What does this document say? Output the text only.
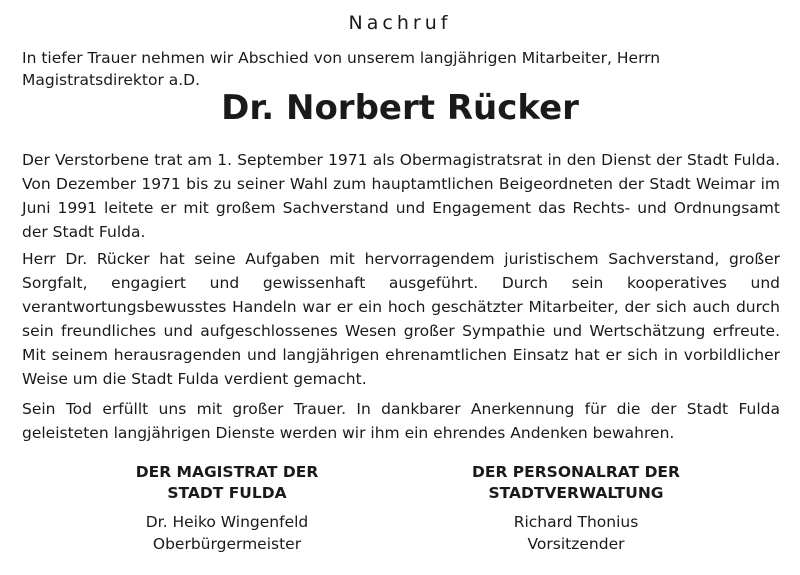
Nachruf
In tiefer Trauer nehmen wir Abschied von unserem langjährigen Mitarbeiter, Herrn
Magistratsdirektor a.D.
Dr. Norbert Rücker

Der Verstorbene trat am 1. September 1971 als Obermagistratsrat in den Dienst der Stadt Fulda. Von Dezember 1971 bis zu seiner Wahl zum hauptamtlichen Beigeordneten der Stadt Weimar im Juni 1991 leitete er mit großem Sachverstand und Engagement das Rechts- und Ordnungsamt der Stadt Fulda.

Herr Dr. Rücker hat seine Aufgaben mit hervorragendem juristischem Sachverstand, großer Sorgfalt, engagiert und gewissenhaft ausgeführt. Durch sein kooperatives und verantwortungsbewusstes Handeln war er ein hoch geschätzter Mitarbeiter, der sich auch durch sein freundliches und aufgeschlossenes Wesen großer Sympathie und Wertschätzung erfreute. Mit seinem herausragenden und langjährigen ehrenamtlichen Einsatz hat er sich in vorbildlicher Weise um die Stadt Fulda verdient gemacht.

Sein Tod erfüllt uns mit großer Trauer. In dankbarer Anerkennung für die der Stadt Fulda geleisteten langjährigen Dienste werden wir ihm ein ehrendes Andenken bewahren.

DER MAGISTRAT DER
STADT FULDA
Dr. Heiko Wingenfeld
Oberbürgermeister
DER PERSONALRAT DER
STADTVERWALTUNG
Richard Thonius
Vorsitzender
